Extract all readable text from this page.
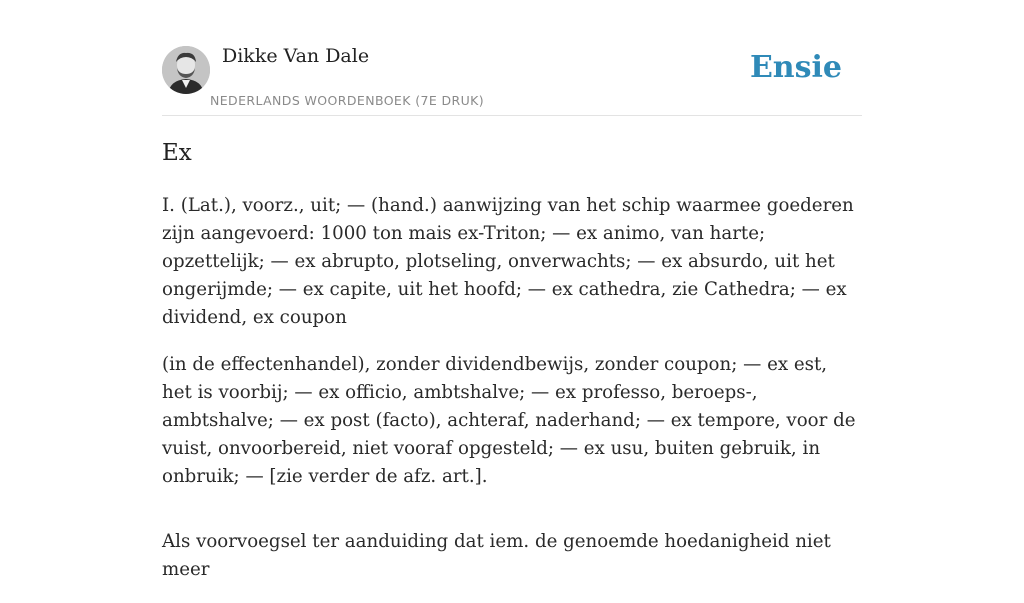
Dikke Van Dale
NEDERLANDS WOORDENBOEK (7E DRUK)
Ensie
Ex

I. (Lat.), voorz., uit; — (hand.) aanwijzing van het schip waarmee goederen zijn aangevoerd: 1000 ton mais ex-Triton; — ex animo, van harte; opzettelijk; — ex abrupto, plotseling, onverwachts; — ex absurdo, uit het ongerijmde; — ex capite, uit het hoofd; — ex cathedra, zie Cathedra; — ex dividend, ex coupon

(in de effectenhandel), zonder dividendbewijs, zonder coupon; — ex est, het is voorbij; — ex officio, ambtshalve; — ex professo, beroeps-, ambtshalve; — ex post (facto), achteraf, naderhand; — ex tempore, voor de vuist, onvoorbereid, niet vooraf opgesteld; — ex usu, buiten gebruik, in onbruik; — [zie verder de afz. art.].

Als voorvoegsel ter aanduiding dat iem. de genoemde hoedanigheid niet meer
